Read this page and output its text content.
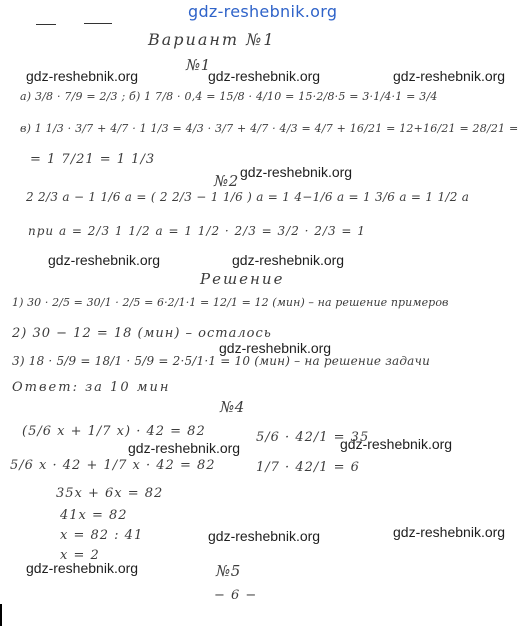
gdz-reshebnik.org
Вариант №1
№1
а) 3/8 · 7/9 = 2/3 ; б) 1 7/8 · 0,4 = 15/8 · 4/10 = 15·2/8·5 = 3·1/4·1 = 3/4
в) 1 1/3 · 3/7 + 4/7 · 1 1/3 = 4/3 · 3/7 + 4/7 · 4/3 = 4/7 + 16/21 = 12+16/21 = 28/21 =
= 1 7/21 = 1 1/3
№2
2 2/3 a − 1 1/6 a = ( 2 2/3 − 1 1/6 ) a = 1 4−1/6 a = 1 3/6 a = 1 1/2 a
при a = 2/3 1 1/2 a = 1 1/2 · 2/3 = 3/2 · 2/3 = 1
Решение
1) 30 · 2/5 = 30/1 · 2/5 = 6·2/1·1 = 12/1 = 12 (мин) – на решение примеров
2) 30 − 12 = 18 (мин) – осталось
3) 18 · 5/9 = 18/1 · 5/9 = 2·5/1·1 = 10 (мин) – на решение задачи
Ответ: за 10 мин
№4
(5/6 x + 1/7 x) · 42 = 82	5/6 · 42/1 = 35
5/6 x · 42 + 1/7 x · 42 = 82	1/7 · 42/1 = 6
35x + 6x = 82
41x = 82
x = 82 : 41
x = 2
№5
− 6 −
gdz-reshebnik.org	gdz-reshebnik.org	gdz-reshebnik.org
gdz-reshebnik.org
gdz-reshebnik.org	gdz-reshebnik.org
gdz-reshebnik.org
gdz-reshebnik.org	gdz-reshebnik.org
gdz-reshebnik.org	gdz-reshebnik.org
gdz-reshebnik.org
